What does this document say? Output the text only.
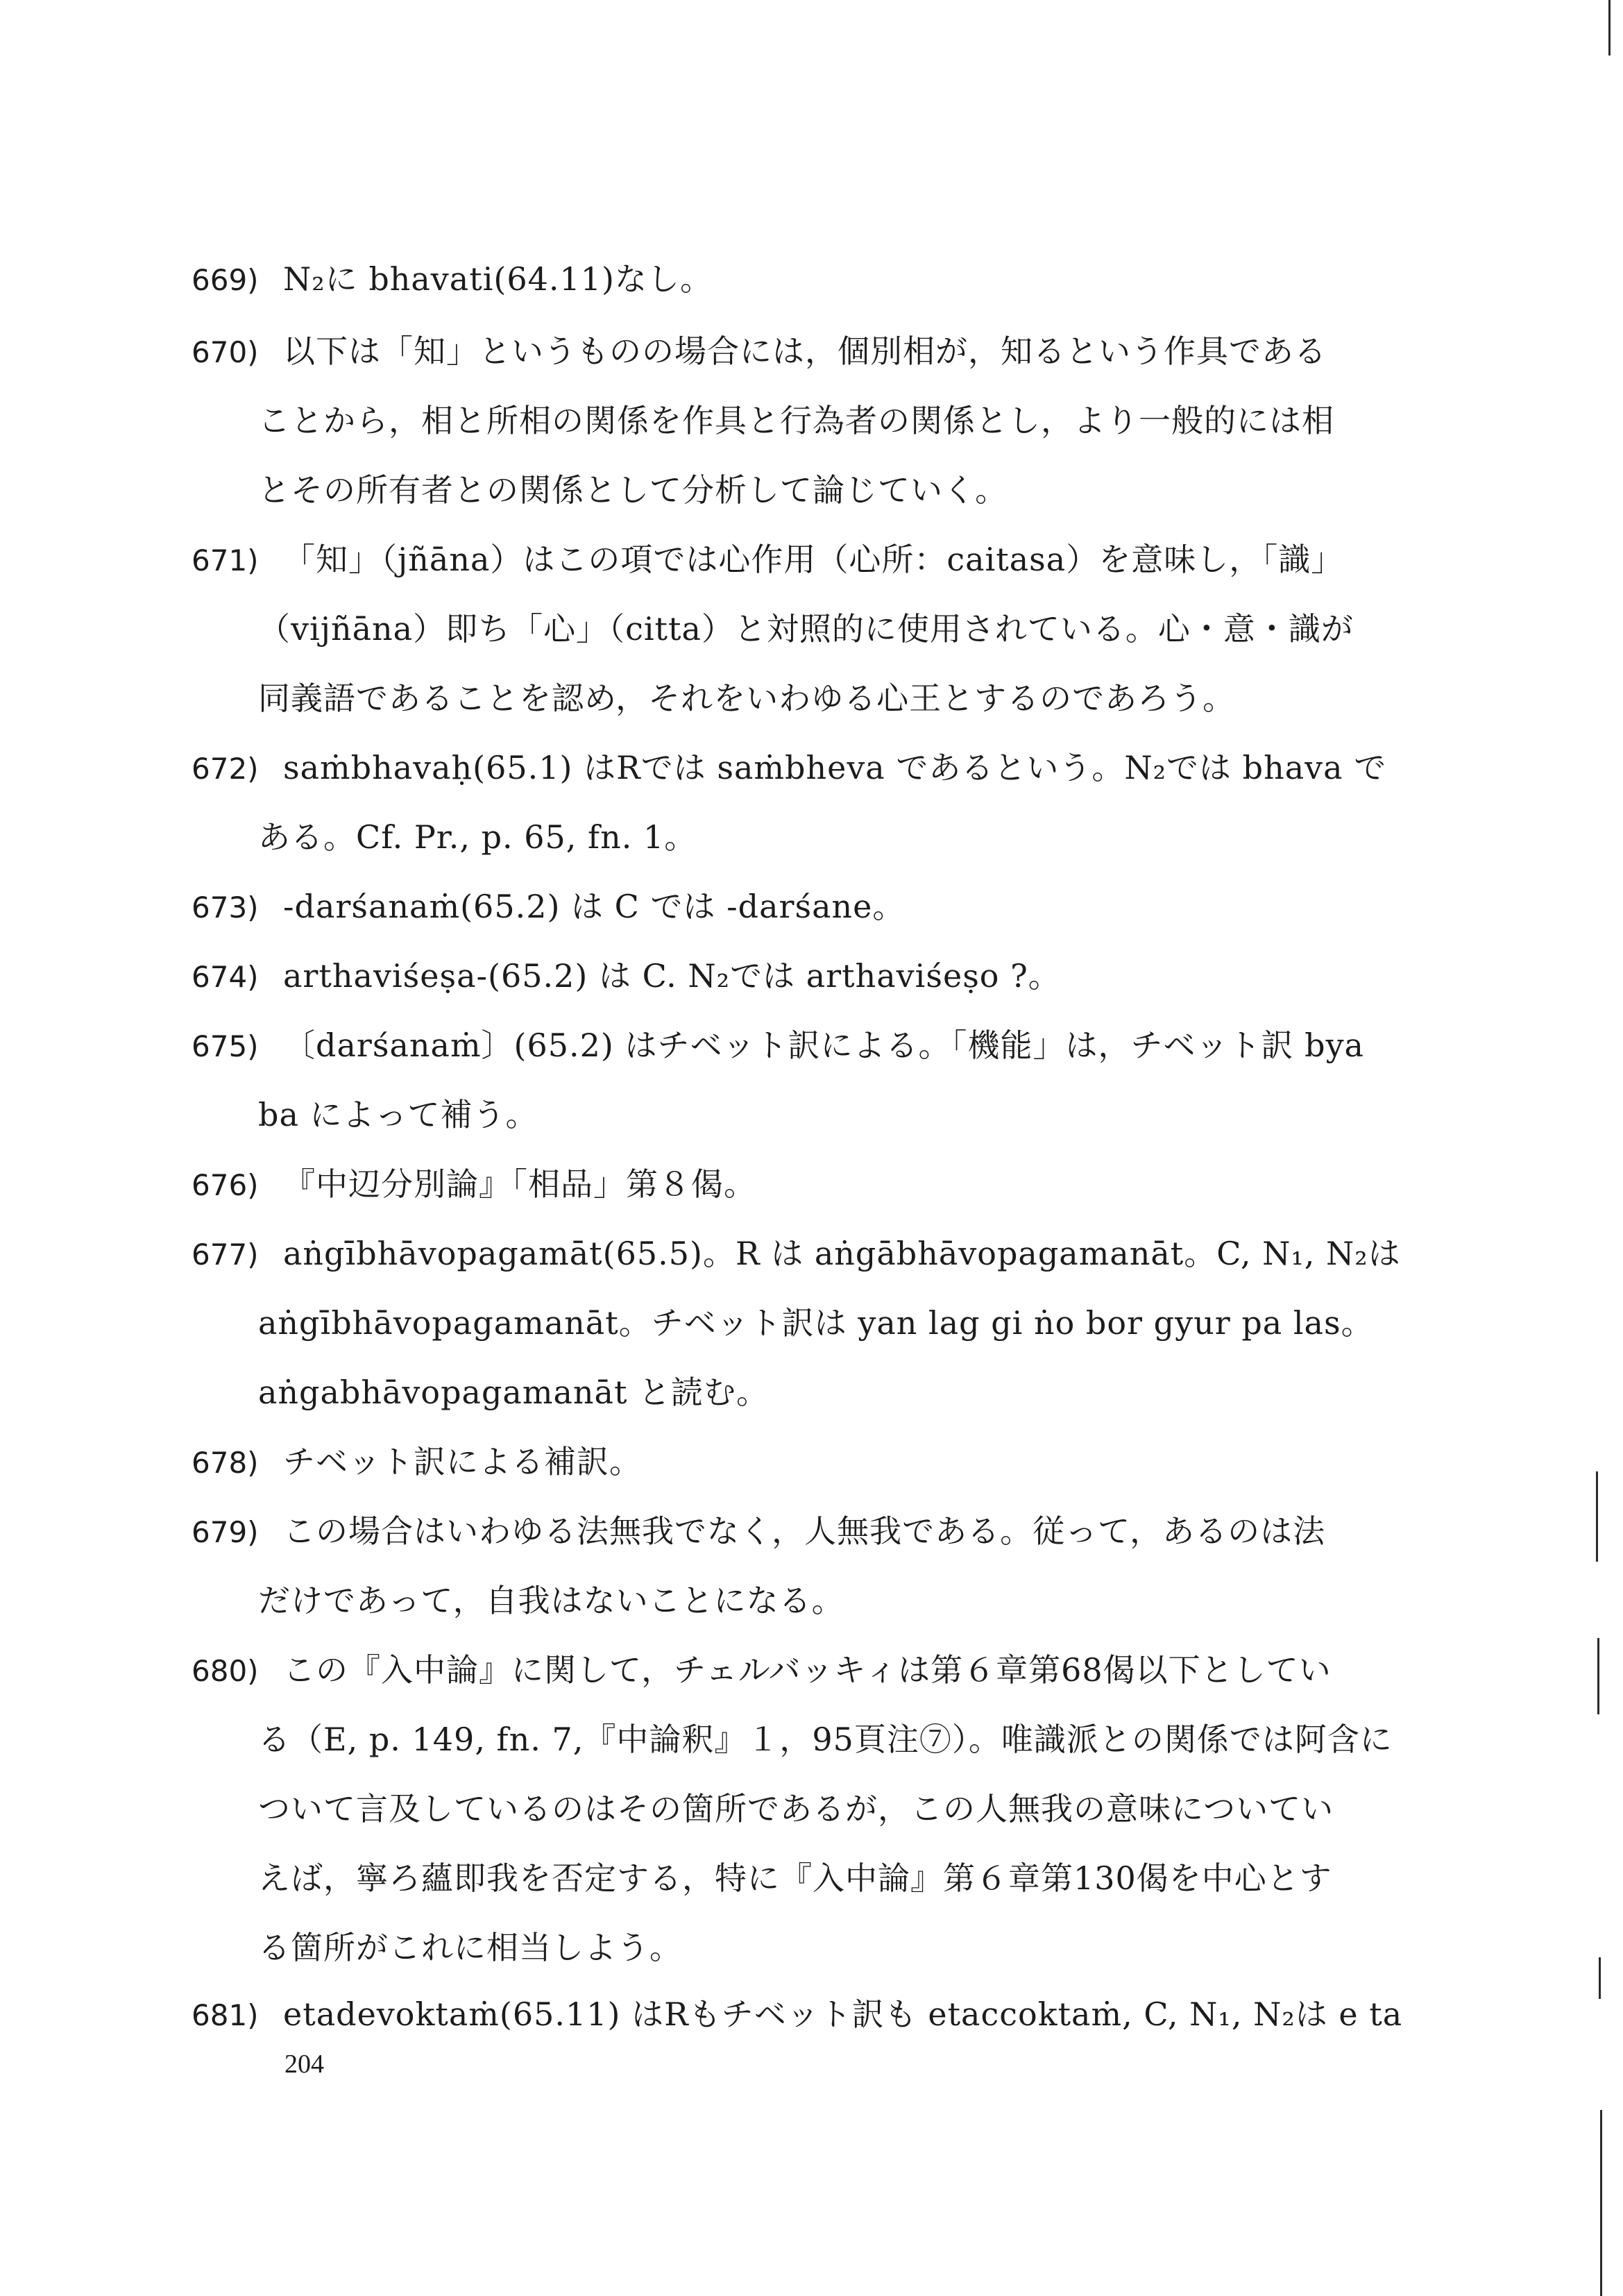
669) N₂に bhavati(64.11)なし。
670) 以下は「知」というものの場合には，個別相が，知るという作具である
ことから，相と所相の関係を作具と行為者の関係とし，より一般的には相
とその所有者との関係として分析して論じていく。
671) 「知」（jñāna）はこの項では心作用（心所：caitasa）を意味し，「識」
（vijñāna）即ち「心」（citta）と対照的に使用されている。心・意・識が
同義語であることを認め，それをいわゆる心王とするのであろう。
672) saṁbhavaḥ(65.1) はRでは saṁbheva であるという。N₂では bhava で
ある。Cf. Pr., p. 65, fn. 1。
673) -darśanaṁ(65.2) は C では -darśane。
674) arthaviśeṣa-(65.2) は C. N₂では arthaviśeṣo ?。
675) 〔darśanaṁ〕(65.2) はチベット訳による。「機能」は，チベット訳 bya
ba によって補う。
676) 『中辺分別論』「相品」第８偈。
677) aṅgībhāvopagamāt(65.5)。R は aṅgābhāvopagamanāt。C, N₁, N₂は
aṅgībhāvopagamanāt。チベット訳は yan lag gi ṅo bor gyur pa las。
aṅgabhāvopagamanāt と読む。
678) チベット訳による補訳。
679) この場合はいわゆる法無我でなく，人無我である。従って，あるのは法
だけであって，自我はないことになる。
680) この『入中論』に関して，チェルバッキィは第６章第68偈以下としてい
る（E, p. 149, fn. 7,『中論釈』１，95頁注⑦）。唯識派との関係では阿含に
ついて言及しているのはその箇所であるが，この人無我の意味についてい
えば，寧ろ蘊即我を否定する，特に『入中論』第６章第130偈を中心とす
る箇所がこれに相当しよう。
681) etadevoktaṁ(65.11) はRもチベット訳も etaccoktaṁ, C, N₁, N₂は e ta
204
